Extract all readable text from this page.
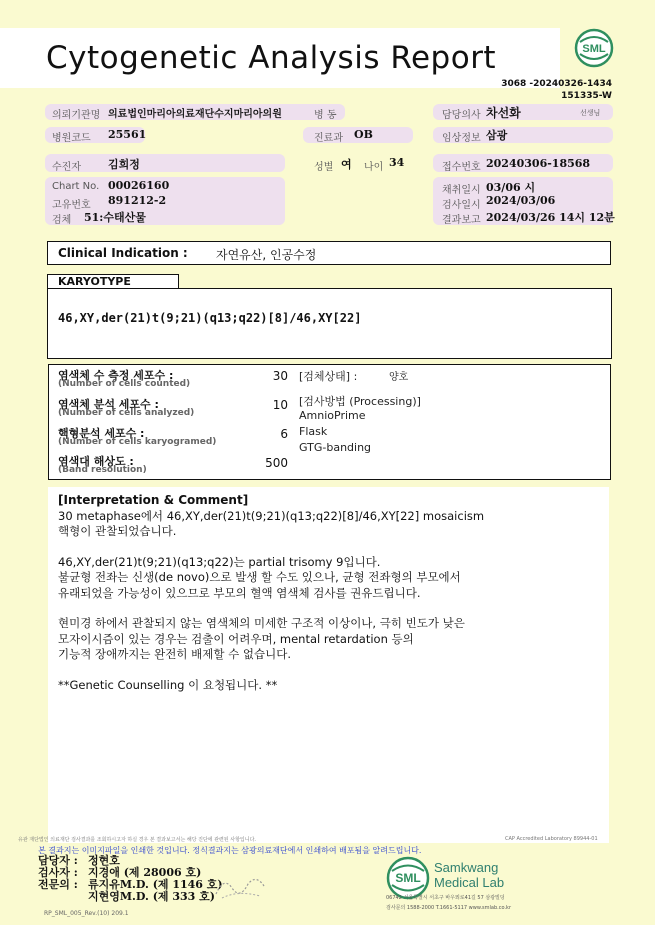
Cytogenetic Analysis Report	SML
3068 -20240326-1434
151335-W
의뢰기관명 의료법인마리아의료재단수지마리아의원	병 동	담당의사 차선화	선생님
병원코드 25561	진료과 OB	임상정보 삼광
수진자 김희정	성별 여 나이 34	접수번호 20240306-18568
Chart No. 00026160
고유번호 891212-2
검체 51:수태산물
채취일시 03/06 시
검사일시 2024/03/06
결과보고 2024/03/26 14시 12분
Clinical Indication : 자연유산, 인공수정
KARYOTYPE
46,XY,der(21)t(9;21)(q13;q22)[8]/46,XY[22]
염색체 수 측정 세포수 :
(Number of cells counted)
30
염색체 분석 세포수 :
(Number of cells analyzed)
10
핵형분석 세포수 :
(Number of cells karyogramed)
6
염색대 해상도 :
(Band resolution)	500
[검체상태] :	양호
[검사방법 (Processing)]
AmnioPrime
Flask
GTG-banding
[Interpretation & Comment]
30 metaphase에서 46,XY,der(21)t(9;21)(q13;q22)[8]/46,XY[22] mosaicism
핵형이 관찰되었습니다.
46,XY,der(21)t(9;21)(q13;q22)는 partial trisomy 9입니다.
불균형 전좌는 신생(de novo)으로 발생 할 수도 있으나, 균형 전좌형의 부모에서
유래되었을 가능성이 있으므로 부모의 혈액 염색체 검사를 권유드립니다.
현미경 하에서 관찰되지 않는 염색체의 미세한 구조적 이상이나, 극히 빈도가 낮은
모자이시즘이 있는 경우는 검출이 어려우며, mental retardation 등의
기능적 장애까지는 완전히 배제할 수 없습니다.
**Genetic Counselling 이 요청됩니다. **
유관 재단법인 의료재단 검사결과를 조회하시고자 하실 경우 본 결과보고서는 해당 진단에 관련된 사항입니다.	CAP Accredited Laboratory 89944-01
본 결과지는 이미지파일을 인쇄한 것입니다. 정식결과지는 삼광의료재단에서 인쇄하여 배포됨을 알려드립니다.
담당자 : 정현호
검사자 : 지경애 (제 28006 호)
전문의 : 류지유M.D. (제 1146 호)
지현영M.D. (제 333 호)
SML
Samkwang
Medical Lab
06742 서울특별시 서초구 바우뫼로41길 57 삼광빌딩
검사문의 1588-2000 T.1661-5117 www.smlab.co.kr
RP_SML_005_Rev.(10) 209.1
